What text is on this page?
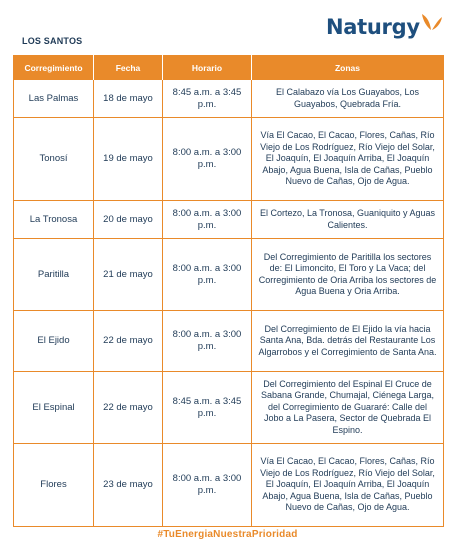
LOS SANTOS
Naturgy
Corregimiento	Fecha	Horario	Zonas
Las Palmas	18 de mayo	8:45 a.m. a 3:45 p.m.	El Calabazo vía Los Guayabos, Los Guayabos, Quebrada Fría.
Tonosí	19 de mayo	8:00 a.m. a 3:00 p.m.	Vía El Cacao, El Cacao, Flores, Cañas, Río Viejo de Los Rodríguez, Río Viejo del Solar, El Joaquín, El Joaquín Arriba, El Joaquín Abajo, Agua Buena, Isla de Cañas, Pueblo Nuevo de Cañas, Ojo de Agua.
La Tronosa	20 de mayo	8:00 a.m. a 3:00 p.m.	El Cortezo, La Tronosa, Guaniquito y Aguas Calientes.
Paritilla	21 de mayo	8:00 a.m. a 3:00 p.m.	Del Corregimiento de Paritilla los sectores de: El Limoncito, El Toro y La Vaca; del Corregimiento de Oria Arriba los sectores de Agua Buena y Oria Arriba.
El Ejido	22 de mayo	8:00 a.m. a 3:00 p.m.	Del Corregimiento de El Ejido la vía hacia Santa Ana, Bda. detrás del Restaurante Los Algarrobos y el Corregimiento de Santa Ana.
El Espinal	22 de mayo	8:45 a.m. a 3:45 p.m.	Del Corregimiento del Espinal El Cruce de Sabana Grande, Chumajal, Ciénega Larga, del Corregimiento de Guararé: Calle del Jobo a La Pasera, Sector de Quebrada El Espino.
Flores	23 de mayo	8:00 a.m. a 3:00 p.m.	Vía El Cacao, El Cacao, Flores, Cañas, Río Viejo de Los Rodríguez, Río Viejo del Solar, El Joaquín, El Joaquín Arriba, El Joaquín Abajo, Agua Buena, Isla de Cañas, Pueblo Nuevo de Cañas, Ojo de Agua.
#TuEnergiaNuestraPrioridad
